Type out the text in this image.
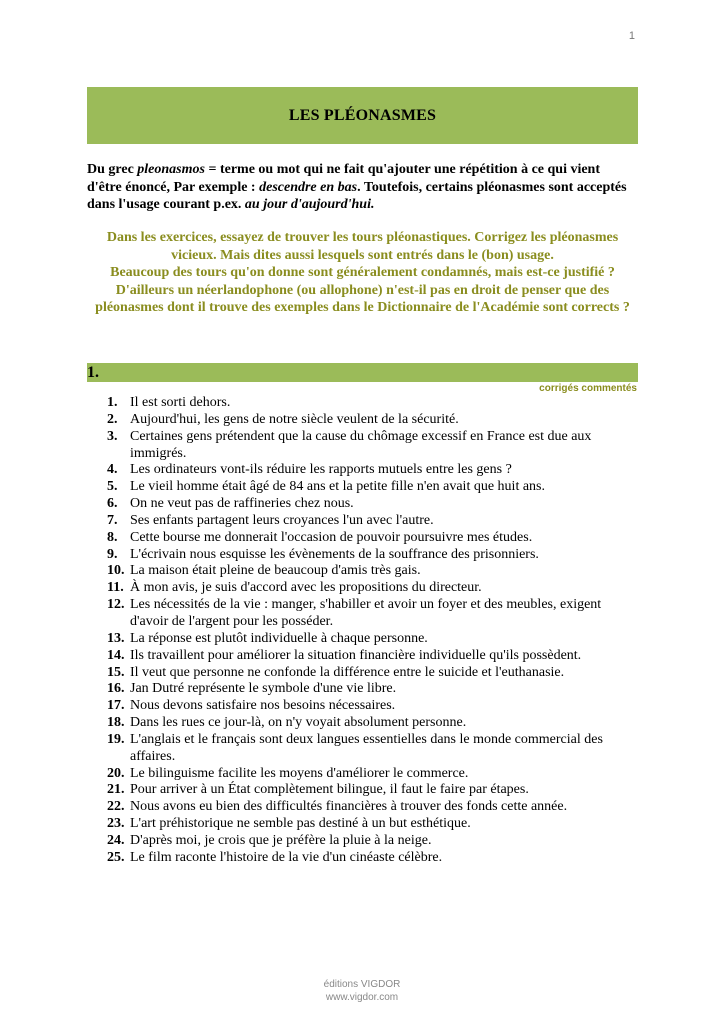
1
LES PLÉONASMES
Du grec pleonasmos = terme ou mot qui ne fait qu'ajouter une répétition à ce qui vient d'être énoncé, Par exemple : descendre en bas. Toutefois, certains pléonasmes sont acceptés dans l'usage courant p.ex. au jour d'aujourd'hui.
Dans les exercices, essayez de trouver les tours pléonastiques. Corrigez les pléonasmes vicieux. Mais dites aussi lesquels sont entrés dans le (bon) usage.
Beaucoup des tours qu'on donne sont généralement condamnés, mais est-ce justifié ? D'ailleurs un néerlandophone (ou allophone) n'est-il pas en droit de penser que des pléonasmes dont il trouve des exemples dans le Dictionnaire de l'Académie sont corrects ?
1.
corrigés commentés
1. Il est sorti dehors.
2. Aujourd'hui, les gens de notre siècle veulent de la sécurité.
3. Certaines gens prétendent que la cause du chômage excessif en France est due aux immigrés.
4. Les ordinateurs vont-ils réduire les rapports mutuels entre les gens ?
5. Le vieil homme était âgé de 84 ans et la petite fille n'en avait que huit ans.
6. On ne veut pas de raffineries chez nous.
7. Ses enfants partagent leurs croyances l'un avec l'autre.
8. Cette bourse me donnerait l'occasion de pouvoir poursuivre mes études.
9. L'écrivain nous esquisse les évènements de la souffrance des prisonniers.
10. La maison était pleine de beaucoup d'amis très gais.
11. À mon avis, je suis d'accord avec les propositions du directeur.
12. Les nécessités de la vie : manger, s'habiller et avoir un foyer et des meubles, exigent d'avoir de l'argent pour les posséder.
13. La réponse est plutôt individuelle à chaque personne.
14. Ils travaillent pour améliorer la situation financière individuelle qu'ils possèdent.
15. Il veut que personne ne confonde la différence entre le suicide et l'euthanasie.
16. Jan Dutré représente le symbole d'une vie libre.
17. Nous devons satisfaire nos besoins nécessaires.
18. Dans les rues ce jour-là, on n'y voyait absolument personne.
19. L'anglais et le français sont deux langues essentielles dans le monde commercial des affaires.
20. Le bilinguisme facilite les moyens d'améliorer le commerce.
21. Pour arriver à un État complètement bilingue, il faut le faire par étapes.
22. Nous avons eu bien des difficultés financières à trouver des fonds cette année.
23. L'art préhistorique ne semble pas destiné à un but esthétique.
24. D'après moi, je crois que je préfère la pluie à la neige.
25. Le film raconte l'histoire de la vie d'un cinéaste célèbre.
éditions VIGDOR
www.vigdor.com
